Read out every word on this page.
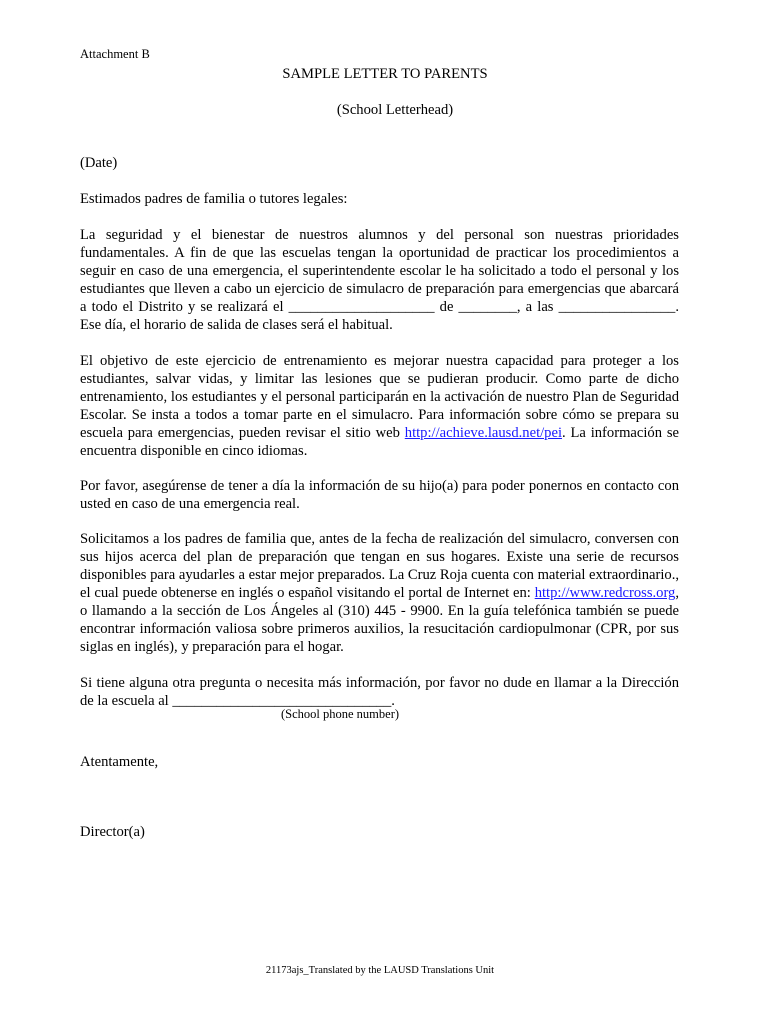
Attachment B
SAMPLE LETTER TO PARENTS
(School Letterhead)
(Date)
Estimados padres de familia o tutores legales:

La seguridad y el bienestar de nuestros alumnos y del personal son nuestras prioridades fundamentales. A fin de que las escuelas tengan la oportunidad de practicar los procedimientos a seguir en caso de una emergencia, el superintendente escolar le ha solicitado a todo el personal y los estudiantes que lleven a cabo un ejercicio de simulacro de preparación para emergencias que abarcará a todo el Distrito y se realizará el ____________________ de ________, a las ________________. Ese día, el horario de salida de clases será el habitual.

El objetivo de este ejercicio de entrenamiento es mejorar nuestra capacidad para proteger a los estudiantes, salvar vidas, y limitar las lesiones que se pudieran producir. Como parte de dicho entrenamiento, los estudiantes y el personal participarán en la activación de nuestro Plan de Seguridad Escolar. Se insta a todos a tomar parte en el simulacro. Para información sobre cómo se prepara su escuela para emergencias, pueden revisar el sitio web http://achieve.lausd.net/pei. La información se encuentra disponible en cinco idiomas.

Por favor, asegúrense de tener a día la información de su hijo(a) para poder ponernos en contacto con usted en caso de una emergencia real.

Solicitamos a los padres de familia que, antes de la fecha de realización del simulacro, conversen con sus hijos acerca del plan de preparación que tengan en sus hogares. Existe una serie de recursos disponibles para ayudarles a estar mejor preparados. La Cruz Roja cuenta con material extraordinario., el cual puede obtenerse en inglés o español visitando el portal de Internet en: http://www.redcross.org, o llamando a la sección de Los Ángeles al (310) 445 - 9900. En la guía telefónica también se puede encontrar información valiosa sobre primeros auxilios, la resucitación cardiopulmonar (CPR, por sus siglas en inglés), y preparación para el hogar.

Si tiene alguna otra pregunta o necesita más información, por favor no dude en llamar a la Dirección de la escuela al ______________________________.

(School phone number)
Atentamente,
Director(a)
21173ajs_Translated by the LAUSD Translations Unit
